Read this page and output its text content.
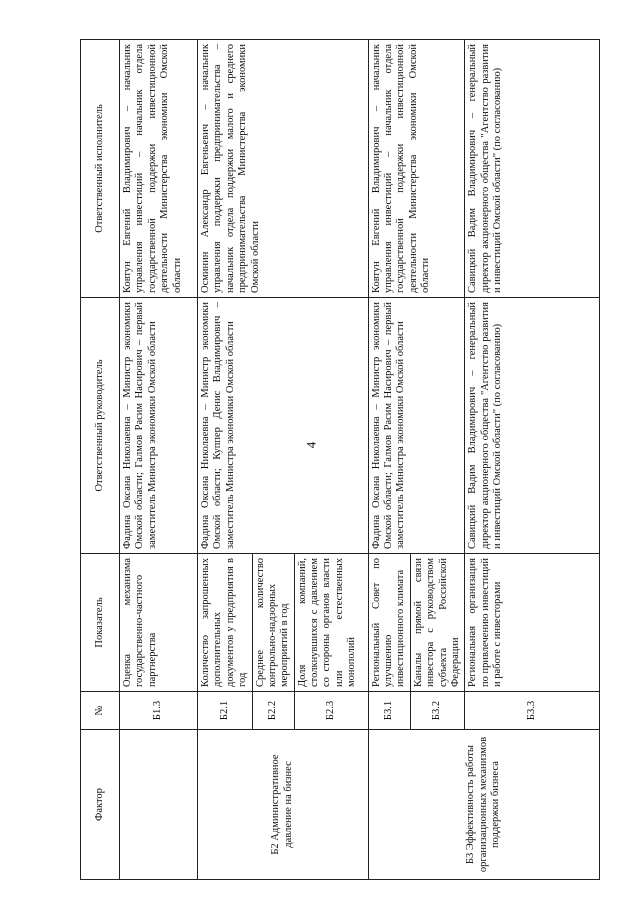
4
Фактор	№	Показатель	Ответственный руководитель	Ответственный исполнитель
	Б1.3	Оценка механизма государственно-частного партнерства	Фадина Оксана Николаевна – Министр экономики Омской области; Галмов Расим Насирович – первый заместитель Министра экономики Омской области	Ковтун Евгений Владимирович – начальник управления инвестиций – начальник отдела государственной поддержки инвестиционной деятельности Министерства экономики Омской области
Б2 Административное давление на бизнес	Б2.1	Количество запрошенных дополнительных документов у предприятия в год	Фадина Оксана Николаевна – Министр экономики Омской области; Куппер Денис Владимирович – заместитель Министра экономики Омской области	Осминин Александр Евгеньевич – начальник управления поддержки предпринимательства – начальник отдела поддержки малого и среднего предпринимательства Министерства экономики Омской области
	Б2.2	Среднее количество контрольно-надзорных мероприятий в год		
	Б2.3	Доля компаний, столкнувшихся с давлением со стороны органов власти или естественных монополий		
Б3 Эффективность работы организационных механизмов поддержки бизнеса	Б3.1	Региональный Совет по улучшению инвестиционного климата	Фадина Оксана Николаевна – Министр экономики Омской области; Галмов Расим Насирович – первый заместитель Министра экономики Омской области	Ковтун Евгений Владимирович – начальник управления инвестиций – начальник отдела государственной поддержки инвестиционной деятельности Министерства экономики Омской области
	Б3.2	Каналы прямой связи инвестора с руководством субъекта Российской Федерации		
	Б3.3	Региональная организация по привлечению инвестиций и работе с инвесторами	Савицкий Вадим Владимирович – генеральный директор акционерного общества "Агентство развития и инвестиций Омской области" (по согласованию)	Савицкий Вадим Владимирович – генеральный директор акционерного общества "Агентство развития и инвестиций Омской области" (по согласованию)
